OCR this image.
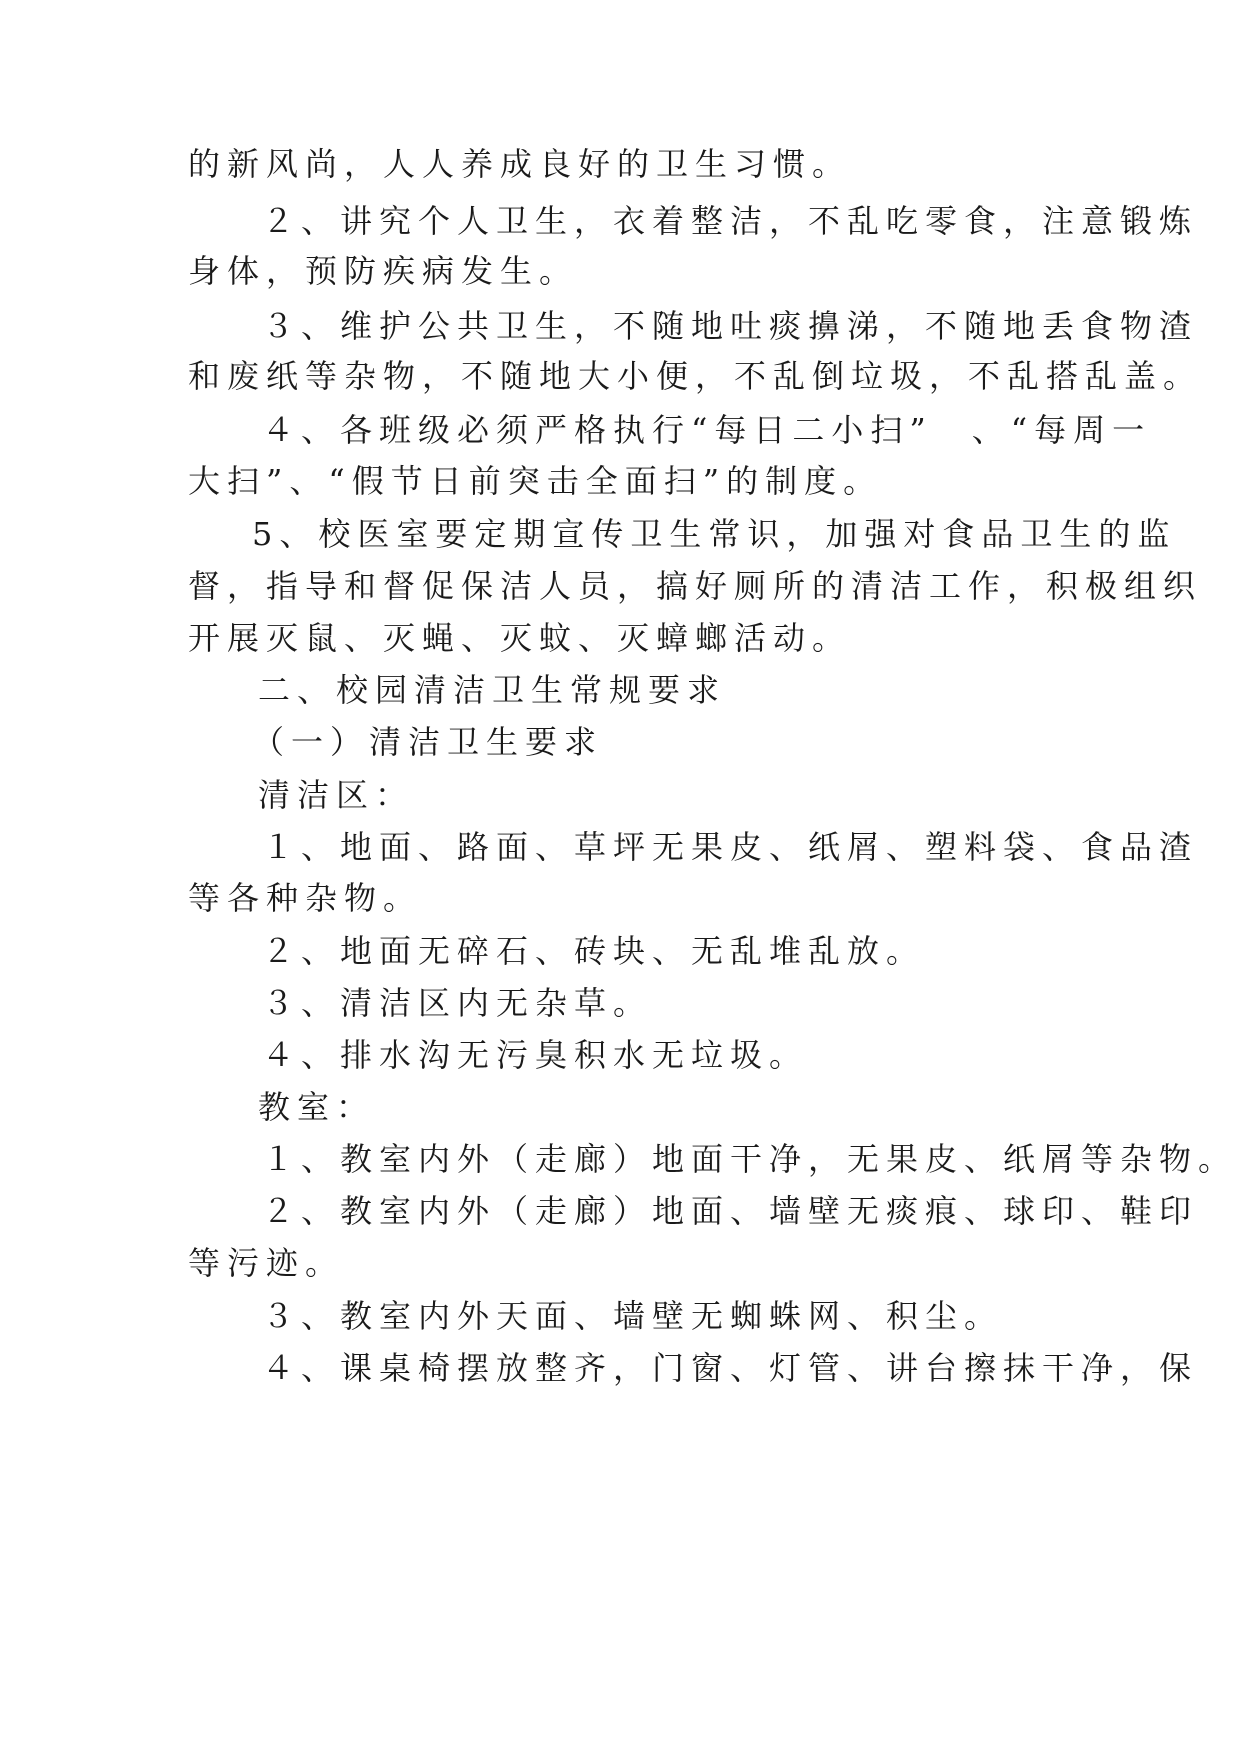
的新风尚，人人养成良好的卫生习惯。
２、讲究个人卫生，衣着整洁，不乱吃零食，注意锻炼
身体，预防疾病发生。
３、维护公共卫生，不随地吐痰擤涕，不随地丢食物渣
和废纸等杂物，不随地大小便，不乱倒垃圾，不乱搭乱盖。
４、各班级必须严格执行“每日二小扫”　、“每周一
大扫”、“假节日前突击全面扫”的制度。
5、校医室要定期宣传卫生常识，加强对食品卫生的监
督，指导和督促保洁人员，搞好厕所的清洁工作，积极组织
开展灭鼠、灭蝇、灭蚊、灭蟑螂活动。
二、校园清洁卫生常规要求
（一）清洁卫生要求
清洁区：
１、地面、路面、草坪无果皮、纸屑、塑料袋、食品渣
等各种杂物。
２、地面无碎石、砖块、无乱堆乱放。
３、清洁区内无杂草。
４、排水沟无污臭积水无垃圾。
教室：
１、教室内外（走廊）地面干净，无果皮、纸屑等杂物。
２、教室内外（走廊）地面、墙壁无痰痕、球印、鞋印
等污迹。
３、教室内外天面、墙壁无蜘蛛网、积尘。
４、课桌椅摆放整齐，门窗、灯管、讲台擦抹干净，保
